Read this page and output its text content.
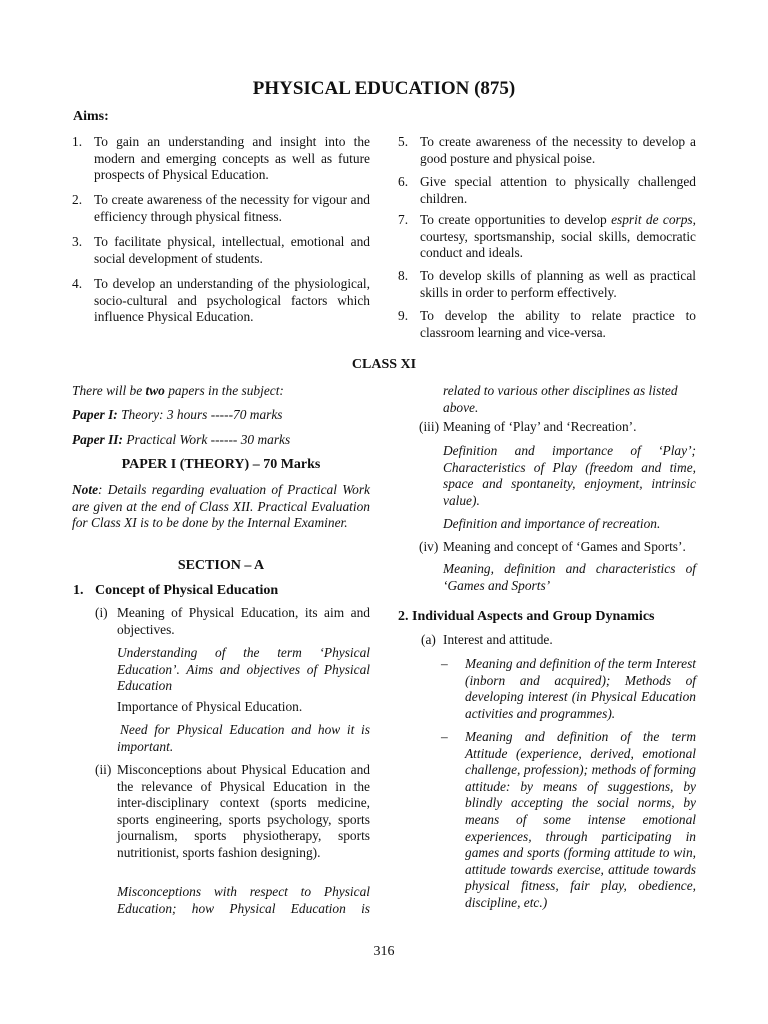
PHYSICAL EDUCATION (875)
Aims:
1. To gain an understanding and insight into the modern and emerging concepts as well as future prospects of Physical Education.
2. To create awareness of the necessity for vigour and efficiency through physical fitness.
3. To facilitate physical, intellectual, emotional and social development of students.
4. To develop an understanding of the physiological, socio-cultural and psychological factors which influence Physical Education.
5. To create awareness of the necessity to develop a good posture and physical poise.
6. Give special attention to physically challenged children.
7. To create opportunities to develop esprit de corps, courtesy, sportsmanship, social skills, democratic conduct and ideals.
8. To develop skills of planning as well as practical skills in order to perform effectively.
9. To develop the ability to relate practice to classroom learning and vice-versa.
CLASS XI
There will be two papers in the subject:
Paper I: Theory: 3 hours -----70 marks
Paper II: Practical Work ------ 30 marks
PAPER I (THEORY) – 70 Marks
Note: Details regarding evaluation of Practical Work are given at the end of Class XII. Practical Evaluation for Class XI is to be done by the Internal Examiner.
SECTION – A
1. Concept of Physical Education
(i) Meaning of Physical Education, its aim and objectives.
Understanding of the term ‘Physical Education’. Aims and objectives of Physical Education
Importance of Physical Education.
Need for Physical Education and how it is important.
(ii) Misconceptions about Physical Education and the relevance of Physical Education in the inter-disciplinary context (sports medicine, sports engineering, sports psychology, sports journalism, sports physiotherapy, sports nutritionist, sports fashion designing).
Misconceptions with respect to Physical Education; how Physical Education is
related to various other disciplines as listed above.
(iii) Meaning of ‘Play’ and ‘Recreation’.
Definition and importance of ‘Play’; Characteristics of Play (freedom and time, space and spontaneity, enjoyment, intrinsic value).
Definition and importance of recreation.
(iv) Meaning and concept of ‘Games and Sports’.
Meaning, definition and characteristics of ‘Games and Sports’
2. Individual Aspects and Group Dynamics
(a) Interest and attitude.
– Meaning and definition of the term Interest (inborn and acquired); Methods of developing interest (in Physical Education activities and programmes).
– Meaning and definition of the term Attitude (experience, derived, emotional challenge, profession); methods of forming attitude: by means of suggestions, by blindly accepting the social norms, by means of some intense emotional experiences, through participating in games and sports (forming attitude to win, attitude towards exercise, attitude towards physical fitness, fair play, obedience, discipline, etc.)
316
